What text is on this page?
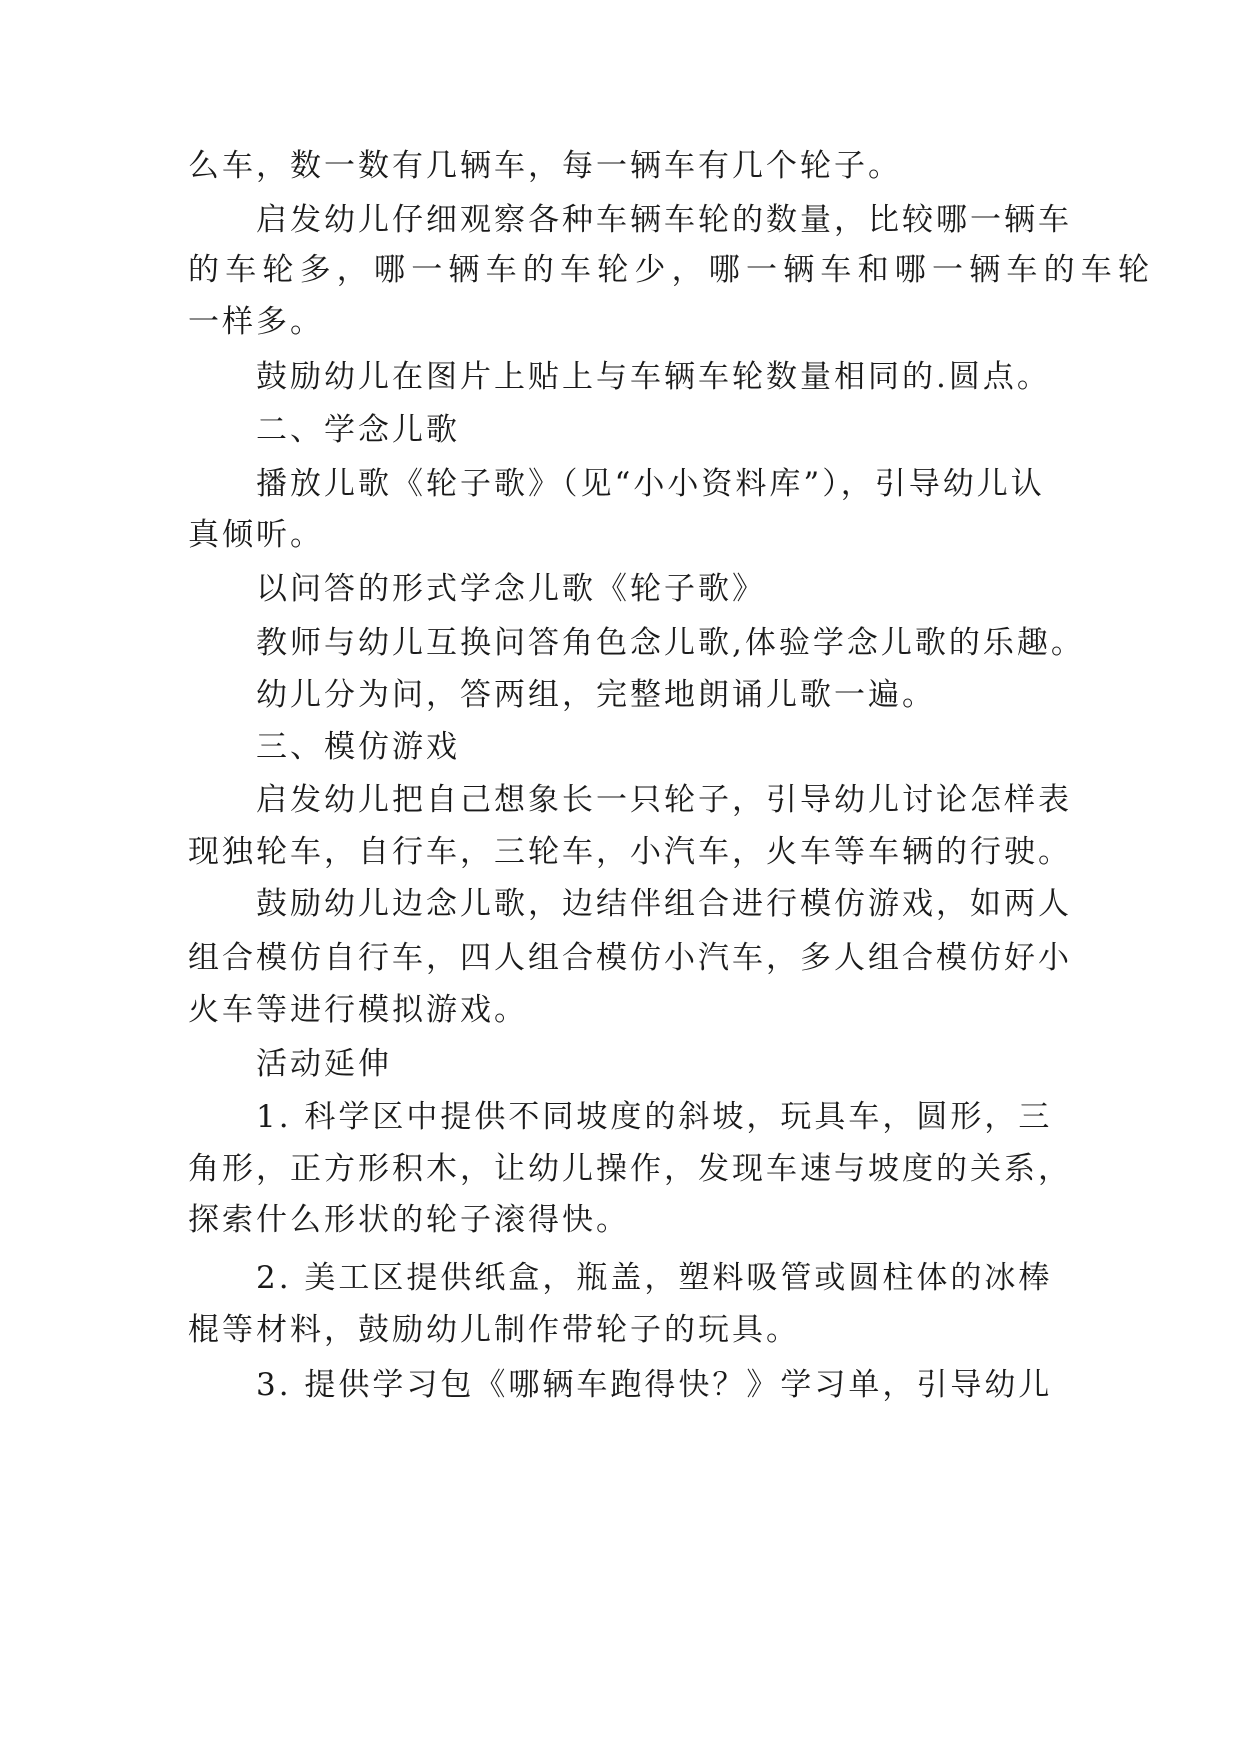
么车，数一数有几辆车，每一辆车有几个轮子。
启发幼儿仔细观察各种车辆车轮的数量，比较哪一辆车
的车轮多，哪一辆车的车轮少，哪一辆车和哪一辆车的车轮
一样多。
鼓励幼儿在图片上贴上与车辆车轮数量相同的.圆点。
二、学念儿歌
播放儿歌《轮子歌》（见“小小资料库”），引导幼儿认
真倾听。
以问答的形式学念儿歌《轮子歌》
教师与幼儿互换问答角色念儿歌,体验学念儿歌的乐趣。
幼儿分为问，答两组，完整地朗诵儿歌一遍。
三、模仿游戏
启发幼儿把自己想象长一只轮子，引导幼儿讨论怎样表
现独轮车，自行车，三轮车，小汽车，火车等车辆的行驶。
鼓励幼儿边念儿歌，边结伴组合进行模仿游戏，如两人
组合模仿自行车，四人组合模仿小汽车，多人组合模仿好小
火车等进行模拟游戏。
活动延伸
1. 科学区中提供不同坡度的斜坡，玩具车，圆形，三
角形，正方形积木，让幼儿操作，发现车速与坡度的关系，
探索什么形状的轮子滚得快。
2. 美工区提供纸盒，瓶盖，塑料吸管或圆柱体的冰棒
棍等材料，鼓励幼儿制作带轮子的玩具。
3. 提供学习包《哪辆车跑得快？》学习单，引导幼儿
